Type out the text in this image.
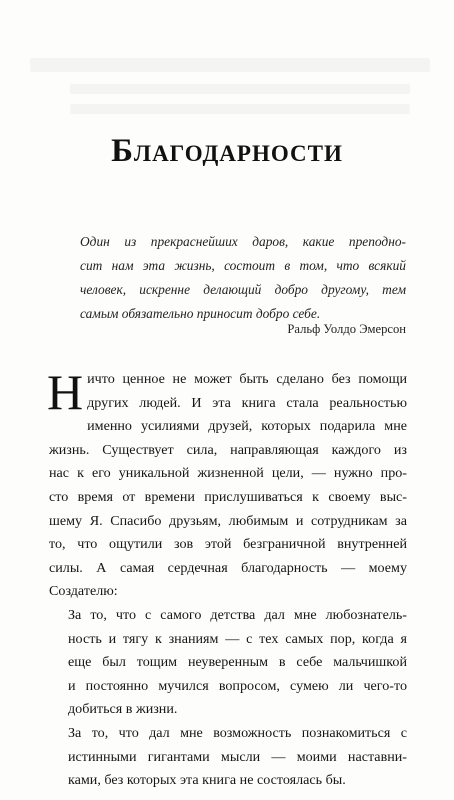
Благодарности
Один из прекраснейших даров, какие преподно-
сит нам эта жизнь, состоит в том, что всякий
человек, искренне делающий добро другому, тем
самым обязательно приносит добро себе.
Ральф Уолдо Эмерсон
Н ичто ценное не может быть сделано без помощи
других людей. И эта книга стала реальностью
именно усилиями друзей, которых подарила мне
жизнь. Существует сила, направляющая каждого из
нас к его уникальной жизненной цели, — нужно про-
сто время от времени прислушиваться к своему выс-
шему Я. Спасибо друзьям, любимым и сотрудникам за
то, что ощутили зов этой безграничной внутренней
силы. А самая сердечная благодарность — моему
Создателю:
За то, что с самого детства дал мне любознатель-
ность и тягу к знаниям — с тех самых пор, когда я
еще был тощим неуверенным в себе мальчишкой
и постоянно мучился вопросом, сумею ли чего-то
добиться в жизни.
За то, что дал мне возможность познакомиться с
истинными гигантами мысли — моими наставни-
ками, без которых эта книга не состоялась бы.
